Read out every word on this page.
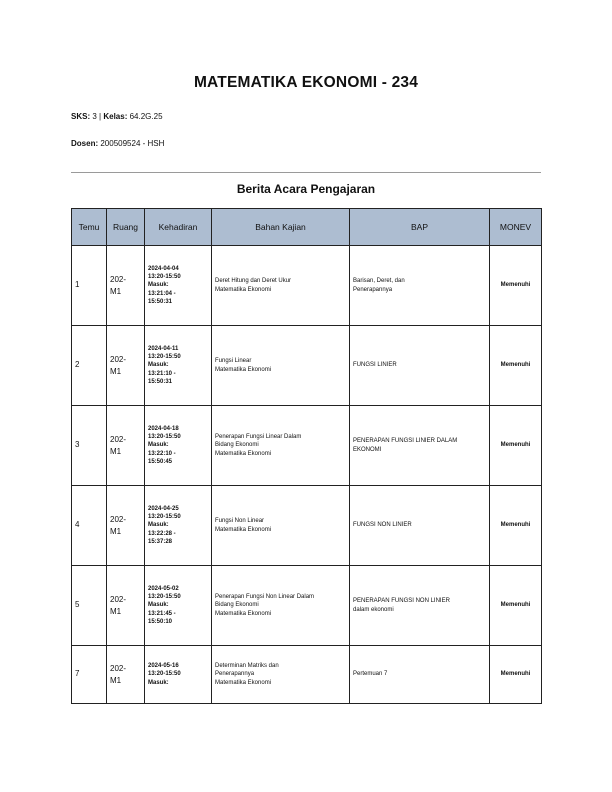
MATEMATIKA EKONOMI - 234
SKS: 3 | Kelas: 64.2G.25
Dosen: 200509524 - HSH
Berita Acara Pengajaran
Temu	Ruang	Kehadiran	Bahan Kajian	BAP	MONEV
1	202-
M1	2024-04-04
13:20-15:50
Masuk:
13:21:04 -
15:50:31	Deret Hitung dan Deret Ukur
Matematika Ekonomi	Barisan, Deret, dan
Penerapannya	Memenuhi
2	202-
M1	2024-04-11
13:20-15:50
Masuk:
13:21:10 -
15:50:31	Fungsi Linear
Matematika Ekonomi	FUNGSI LINIER	Memenuhi
3	202-
M1	2024-04-18
13:20-15:50
Masuk:
13:22:10 -
15:50:45	Penerapan Fungsi Linear Dalam
Bidang Ekonomi
Matematika Ekonomi	PENERAPAN FUNGSI LINIER DALAM
EKONOMI	Memenuhi
4	202-
M1	2024-04-25
13:20-15:50
Masuk:
13:22:28 -
15:37:28	Fungsi Non Linear
Matematika Ekonomi	FUNGSI NON LINIER	Memenuhi
5	202-
M1	2024-05-02
13:20-15:50
Masuk:
13:21:45 -
15:50:10	Penerapan Fungsi Non Linear Dalam
Bidang Ekonomi
Matematika Ekonomi	PENERAPAN FUNGSI NON LINIER
dalam ekonomi	Memenuhi
7	202-
M1	2024-05-16
13:20-15:50
Masuk:	Determinan Matriks dan
Penerapannya
Matematika Ekonomi	Pertemuan 7	Memenuhi
